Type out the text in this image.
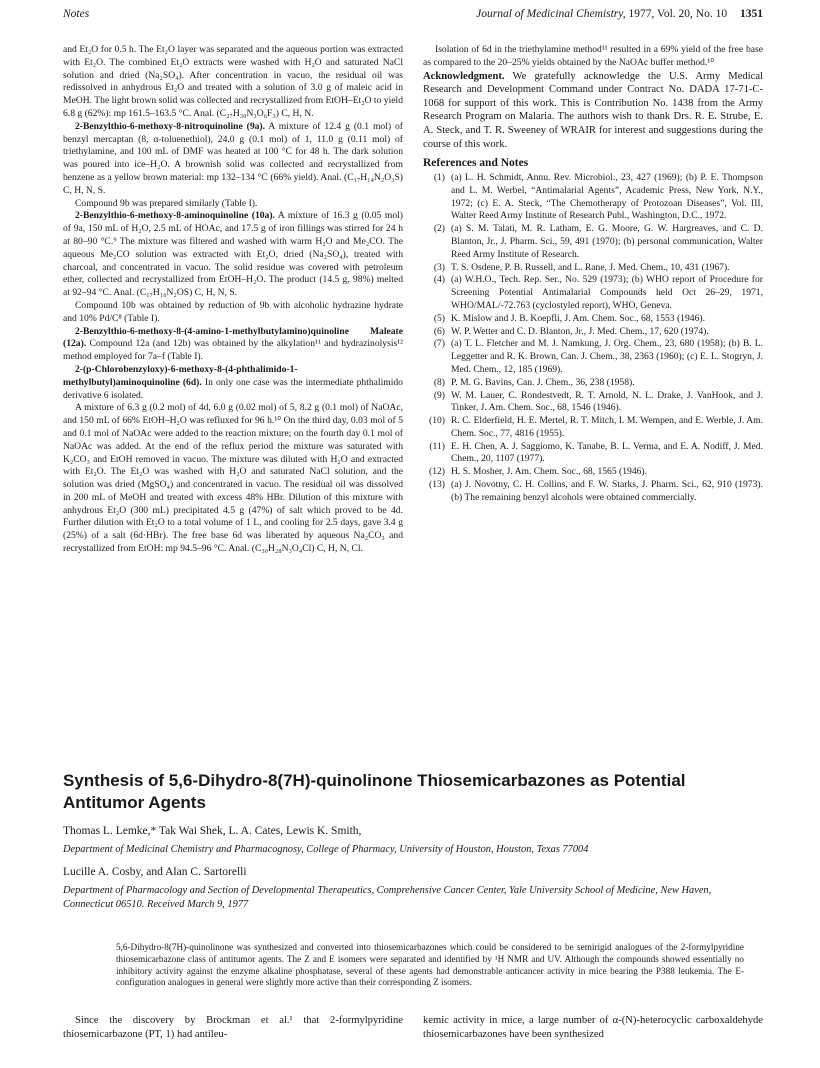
Notes	Journal of Medicinal Chemistry, 1977, Vol. 20, No. 10 1351

and Et₂O for 0.5 h. The Et₂O layer was separated and the aqueous portion was extracted with Et₂O. The combined Et₂O extracts were washed with H₂O and saturated NaCl solution and dried (Na₂SO₄). After concentration in vacuo, the residual oil was redissolved in anhydrous Et₂O and treated with a solution of 3.0 g of maleic acid in MeOH. The light brown solid was collected and recrystallized from EtOH–Et₂O to yield 6.8 g (62%): mp 161.5–163.5 °C. Anal. (C₂₇H₃₀N₃O₆F₃) C, H, N.

2-Benzylthio-6-methoxy-8-nitroquinoline (9a). A mixture of 12.4 g (0.1 mol) of benzyl mercaptan (8, α-toluenethiol), 24.0 g (0.1 mol) of 1, 11.0 g (0.11 mol) of triethylamine, and 100 mL of DMF was heated at 100 °C for 48 h. The dark solution was poured into ice–H₂O. A brownish solid was collected and recrystallized from benzene as a yellow brown material: mp 132–134 °C (66% yield). Anal. (C₁₇H₁₄N₂O₃S) C, H, N, S.

Compound 9b was prepared similarly (Table I).

2-Benzylthio-6-methoxy-8-aminoquinoline (10a). A mixture of 16.3 g (0.05 mol) of 9a, 150 mL of H₂O, 2.5 mL of HOAc, and 17.5 g of iron fillings was stirred for 24 h at 80–90 °C.⁹ The mixture was filtered and washed with warm H₂O and Me₂CO. The aqueous Me₂CO solution was extracted with Et₂O, dried (Na₂SO₄), treated with charcoal, and concentrated in vacuo. The solid residue was covered with petroleum ether, collected and recrystallized from EtOH–H₂O. The product (14.5 g, 98%) melted at 92–94 °C. Anal. (C₁₇H₁₆N₂OS) C, H, N, S.

Compound 10b was obtained by reduction of 9b with alcoholic hydrazine hydrate and 10% Pd/C⁸ (Table I).

2-Benzylthio-6-methoxy-8-(4-amino-1-methylbutylamino)quinoline Maleate (12a). Compound 12a (and 12b) was obtained by the alkylation¹¹ and hydrazinolysis¹² method employed for 7a–f (Table I).

2-(p-Chlorobenzyloxy)-6-methoxy-8-(4-phthalimido-1-methylbutyl)aminoquinoline (6d). In only one case was the intermediate phthalimido derivative 6 isolated.

A mixture of 6.3 g (0.2 mol) of 4d, 6.0 g (0.02 mol) of 5, 8.2 g (0.1 mol) of NaOAc, and 150 mL of 66% EtOH–H₂O was refluxed for 96 h.¹⁰ On the third day, 0.03 mol of 5 and 0.1 mol of NaOAc were added to the reaction mixture; on the fourth day 0.1 mol of NaOAc was added. At the end of the reflux period the mixture was saturated with K₂CO₃ and EtOH removed in vacuo. The mixture was diluted with H₂O and extracted with Et₂O. The Et₂O was washed with H₂O and saturated NaCl solution, and the solution was dried (MgSO₄) and concentrated in vacuo. The residual oil was dissolved in 200 mL of MeOH and treated with excess 48% HBr. Dilution of this mixture with anhydrous Et₂O (300 mL) precipitated 4.5 g (47%) of salt which proved to be 4d. Further dilution with Et₂O to a total volume of 1 L, and cooling for 2.5 days, gave 3.4 g (25%) of a salt (6d·HBr). The free base 6d was liberated by aqueous Na₂CO₃ and recrystallized from EtOH: mp 94.5–96 °C. Anal. (C₃₀H₂₈N₃O₄Cl) C, H, N, Cl.

Isolation of 6d in the triethylamine method¹¹ resulted in a 69% yield of the free base as compared to the 20–25% yields obtained by the NaOAc buffer method.¹⁰

Acknowledgment. We gratefully acknowledge the U.S. Army Medical Research and Development Command under Contract No. DADA 17-71-C-1068 for support of this work. This is Contribution No. 1438 from the Army Research Program on Malaria. The authors wish to thank Drs. R. E. Strube, E. A. Steck, and T. R. Sweeney of WRAIR for interest and suggestions during the course of this work.

References and Notes
(1) (a) L. H. Schmidt, Annu. Rev. Microbiol., 23, 427 (1969); (b) P. E. Thompson and L. M. Werbel, “Antimalarial Agents”, Academic Press, New York, N.Y., 1972; (c) E. A. Steck, “The Chemotherapy of Protozoan Diseases”, Vol. III, Walter Reed Army Institute of Research Publ., Washington, D.C., 1972.
(2) (a) S. M. Talati, M. R. Latham, E. G. Moore, G. W. Hargreaves, and C. D. Blanton, Jr., J. Pharm. Sci., 59, 491 (1970); (b) personal communication, Walter Reed Army Institute of Research.
(3) T. S. Osdene, P. B. Russell, and L. Rane, J. Med. Chem., 10, 431 (1967).
(4) (a) W.H.O., Tech. Rep. Ser., No. 529 (1973); (b) WHO report of Procedure for Screening Potential Antimalarial Compounds held Oct 26–29, 1971, WHO/MAL/-72.763 (cyclostyled report), WHO, Geneva.
(5) K. Mislow and J. B. Koepfli, J. Am. Chem. Soc., 68, 1553 (1946).
(6) W. P. Wetter and C. D. Blanton, Jr., J. Med. Chem., 17, 620 (1974).
(7) (a) T. L. Fletcher and M. J. Namkung, J. Org. Chem., 23, 680 (1958); (b) B. L. Leggetter and R. K. Brown, Can. J. Chem., 38, 2363 (1960); (c) E. L. Stogryn, J. Med. Chem., 12, 185 (1969).
(8) P. M. G. Bavins, Can. J. Chem., 36, 238 (1958).
(9) W. M. Lauer, C. Rondestvedt, R. T. Arnold, N. L. Drake, J. VanHook, and J. Tinker, J. Am. Chem. Soc., 68, 1546 (1946).
(10) R. C. Elderfield, H. E. Mertel, R. T. Mitch, I. M. Wempen, and E. Werble, J. Am. Chem. Soc., 77, 4816 (1955).
(11) E. H. Chen, A. J. Saggiomo, K. Tanabe, B. L. Verma, and E. A. Nodiff, J. Med. Chem., 20, 1107 (1977).
(12) H. S. Mosher, J. Am. Chem. Soc., 68, 1565 (1946).
(13) (a) J. Novotny, C. H. Collins, and F. W. Starks, J. Pharm. Sci., 62, 910 (1973). (b) The remaining benzyl alcohols were obtained commercially.
Synthesis of 5,6-Dihydro-8(7H)-quinolinone Thiosemicarbazones as Potential Antitumor Agents
Thomas L. Lemke,* Tak Wai Shek, L. A. Cates, Lewis K. Smith,
Department of Medicinal Chemistry and Pharmacognosy, College of Pharmacy, University of Houston, Houston, Texas 77004
Lucille A. Cosby, and Alan C. Sartorelli
Department of Pharmacology and Section of Developmental Therapeutics, Comprehensive Cancer Center, Yale University School of Medicine, New Haven, Connecticut 06510. Received March 9, 1977
5,6-Dihydro-8(7H)-quinolinone was synthesized and converted into thiosemicarbazones which could be considered to be semirigid analogues of the 2-formylpyridine thiosemicarbazone class of antitumor agents. The Z and E isomers were separated and identified by ¹H NMR and UV. Although the compounds showed essentially no inhibitory activity against the enzyme alkaline phosphatase, several of these agents had demonstrable anticancer activity in mice bearing the P388 leukemia. The E-configuration analogues in general were slightly more active than their corresponding Z isomers.

Since the discovery by Brockman et al.¹ that 2-formylpyridine thiosemicarbazone (PT, 1) had antileu-

kemic activity in mice, a large number of α-(N)-heterocyclic carboxaldehyde thiosemicarbazones have been synthesized
